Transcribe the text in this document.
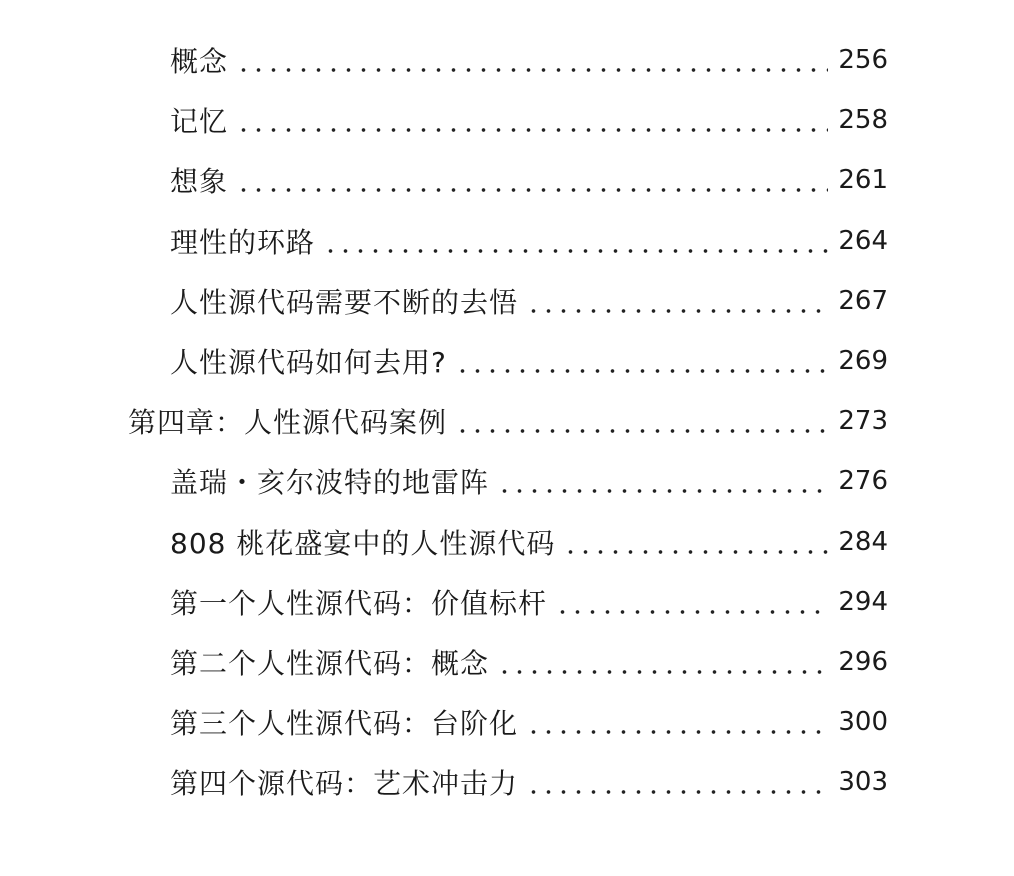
概念	256
记忆	258
想象	261
理性的环路	264
人性源代码需要不断的去悟	267
人性源代码如何去用?	269
第四章：人性源代码案例	273
盖瑞・亥尔波特的地雷阵	276
808 桃花盛宴中的人性源代码	284
第一个人性源代码：价值标杆	294
第二个人性源代码：概念	296
第三个人性源代码：台阶化	300
第四个源代码：艺术冲击力	303
